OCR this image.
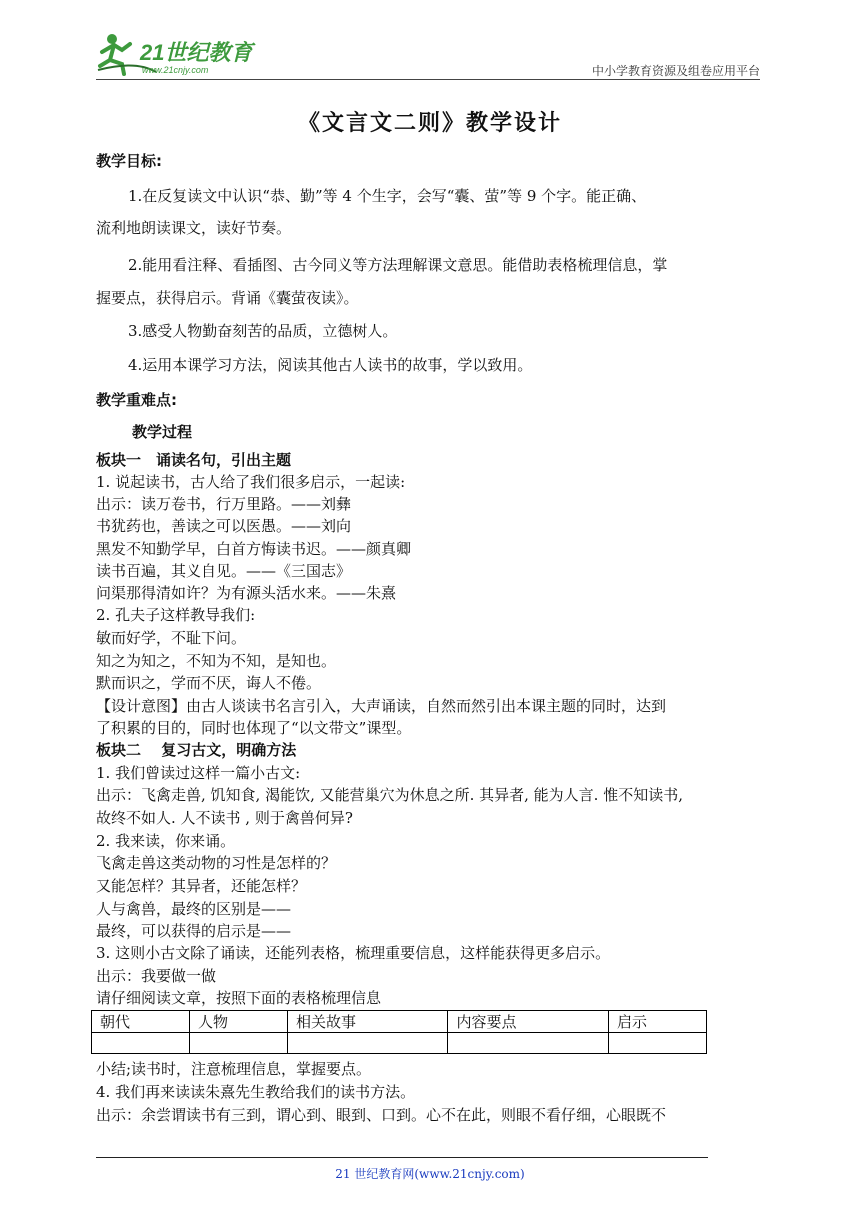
21世纪教育
www.21cnjy.com	中小学教育资源及组卷应用平台
《文言文二则》教学设计
教学目标:
1.在反复读文中认识“恭、勤”等 4 个生字，会写“囊、萤”等 9 个字。能正确、
流利地朗读课文，读好节奏。
2.能用看注释、看插图、古今同义等方法理解课文意思。能借助表格梳理信息，掌
握要点，获得启示。背诵《囊萤夜读》。
3.感受人物勤奋刻苦的品质，立德树人。
4.运用本课学习方法，阅读其他古人读书的故事，学以致用。
教学重难点:
教学过程
板块一　诵读名句，引出主题
1. 说起读书，古人给了我们很多启示，一起读:
出示：读万卷书，行万里路。——刘彝
书犹药也，善读之可以医愚。——刘向
黑发不知勤学早，白首方悔读书迟。——颜真卿
读书百遍，其义自见。——《三国志》
问渠那得清如许？为有源头活水来。——朱熹
2. 孔夫子这样教导我们:
敏而好学，不耻下问。
知之为知之，不知为不知，是知也。
默而识之，学而不厌，诲人不倦。
【设计意图】由古人谈读书名言引入，大声诵读，自然而然引出本课主题的同时，达到
了积累的目的，同时也体现了“以文带文”课型。
板块二　 复习古文，明确方法
1. 我们曾读过这样一篇小古文:
出示：飞禽走兽, 饥知食, 渴能饮, 又能营巢穴为休息之所. 其异者, 能为人言. 惟不知读书,
故终不如人. 人不读书 , 则于禽兽何异?
2. 我来读，你来诵。
飞禽走兽这类动物的习性是怎样的？
又能怎样？其异者，还能怎样？
人与禽兽，最终的区别是——
最终，可以获得的启示是——
3. 这则小古文除了诵读，还能列表格，梳理重要信息，这样能获得更多启示。
出示：我要做一做
请仔细阅读文章，按照下面的表格梳理信息
朝代	人物	相关故事	内容要点	启示

小结;读书时，注意梳理信息，掌握要点。
4. 我们再来读读朱熹先生教给我们的读书方法。
出示：余尝谓读书有三到，谓心到、眼到、口到。心不在此，则眼不看仔细，心眼既不
21 世纪教育网(www.21cnjy.com)
